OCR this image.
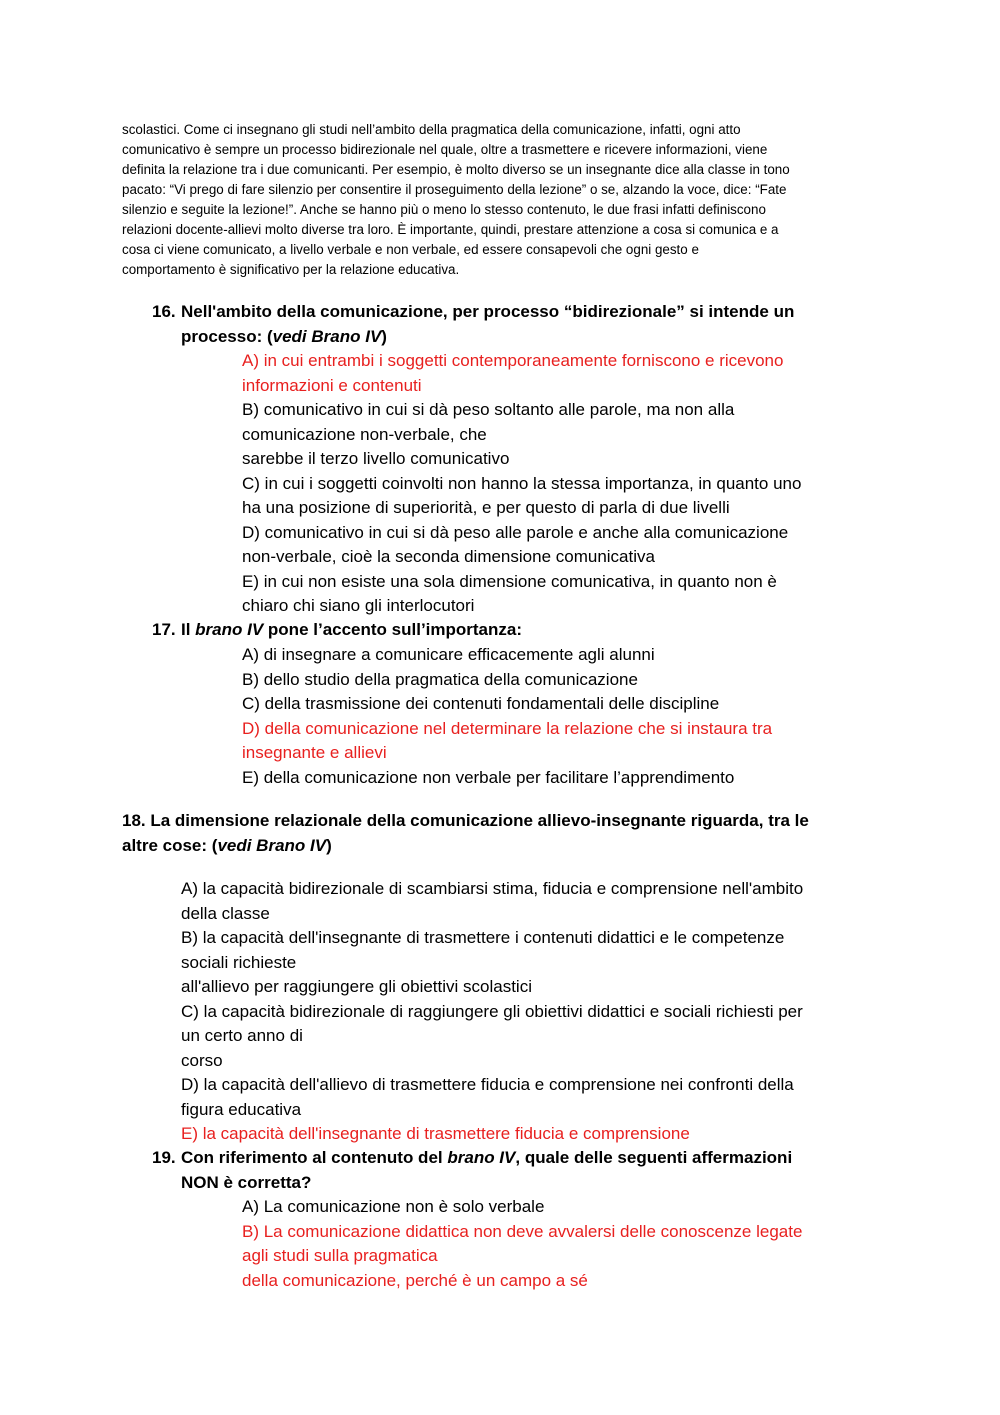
scolastici. Come ci insegnano gli studi nell’ambito della pragmatica della comunicazione, infatti, ogni atto
comunicativo è sempre un processo bidirezionale nel quale, oltre a trasmettere e ricevere informazioni, viene
definita la relazione tra i due comunicanti. Per esempio, è molto diverso se un insegnante dice alla classe in tono
pacato: “Vi prego di fare silenzio per consentire il proseguimento della lezione” o se, alzando la voce, dice: “Fate
silenzio e seguite la lezione!”. Anche se hanno più o meno lo stesso contenuto, le due frasi infatti definiscono
relazioni docente-allievi molto diverse tra loro. È importante, quindi, prestare attenzione a cosa si comunica e a
cosa ci viene comunicato, a livello verbale e non verbale, ed essere consapevoli che ogni gesto e
comportamento è significativo per la relazione educativa.
16. Nell'ambito della comunicazione, per processo “bidirezionale” si intende un
processo: (vedi Brano IV)
A) in cui entrambi i soggetti contemporaneamente forniscono e ricevono
informazioni e contenuti
B) comunicativo in cui si dà peso soltanto alle parole, ma non alla
comunicazione non-verbale, che
sarebbe il terzo livello comunicativo
C) in cui i soggetti coinvolti non hanno la stessa importanza, in quanto uno
ha una posizione di superiorità, e per questo di parla di due livelli
D) comunicativo in cui si dà peso alle parole e anche alla comunicazione
non-verbale, cioè la seconda dimensione comunicativa
E) in cui non esiste una sola dimensione comunicativa, in quanto non è
chiaro chi siano gli interlocutori
17. Il brano IV pone l’accento sull’importanza:
A) di insegnare a comunicare efficacemente agli alunni
B) dello studio della pragmatica della comunicazione
C) della trasmissione dei contenuti fondamentali delle discipline
D) della comunicazione nel determinare la relazione che si instaura tra
insegnante e allievi
E) della comunicazione non verbale per facilitare l’apprendimento
18. La dimensione relazionale della comunicazione allievo-insegnante riguarda, tra le
altre cose: (vedi Brano IV)
A) la capacità bidirezionale di scambiarsi stima, fiducia e comprensione nell'ambito
della classe
B) la capacità dell'insegnante di trasmettere i contenuti didattici e le competenze
sociali richieste
all'allievo per raggiungere gli obiettivi scolastici
C) la capacità bidirezionale di raggiungere gli obiettivi didattici e sociali richiesti per
un certo anno di
corso
D) la capacità dell'allievo di trasmettere fiducia e comprensione nei confronti della
figura educativa
E) la capacità dell'insegnante di trasmettere fiducia e comprensione
19. Con riferimento al contenuto del brano IV, quale delle seguenti affermazioni
NON è corretta?
A) La comunicazione non è solo verbale
B) La comunicazione didattica non deve avvalersi delle conoscenze legate
agli studi sulla pragmatica
della comunicazione, perché è un campo a sé
